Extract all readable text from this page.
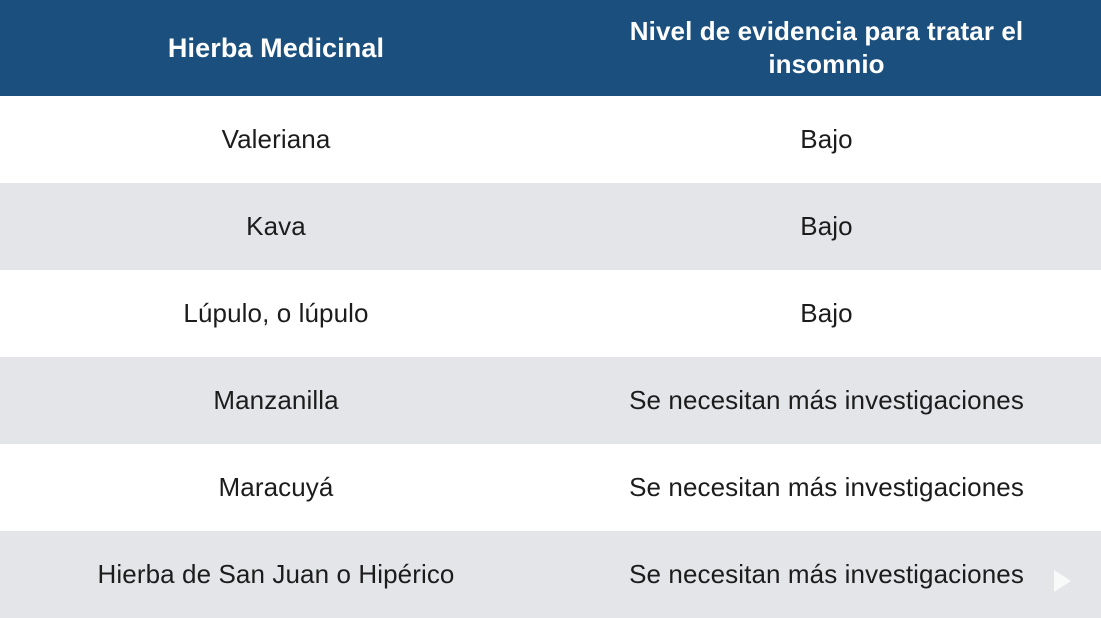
Hierba Medicinal	Nivel de evidencia para tratar el insomnio
Valeriana	Bajo
Kava	Bajo
Lúpulo, o lúpulo	Bajo
Manzanilla	Se necesitan más investigaciones
Maracuyá	Se necesitan más investigaciones
Hierba de San Juan o Hipérico	Se necesitan más investigaciones
